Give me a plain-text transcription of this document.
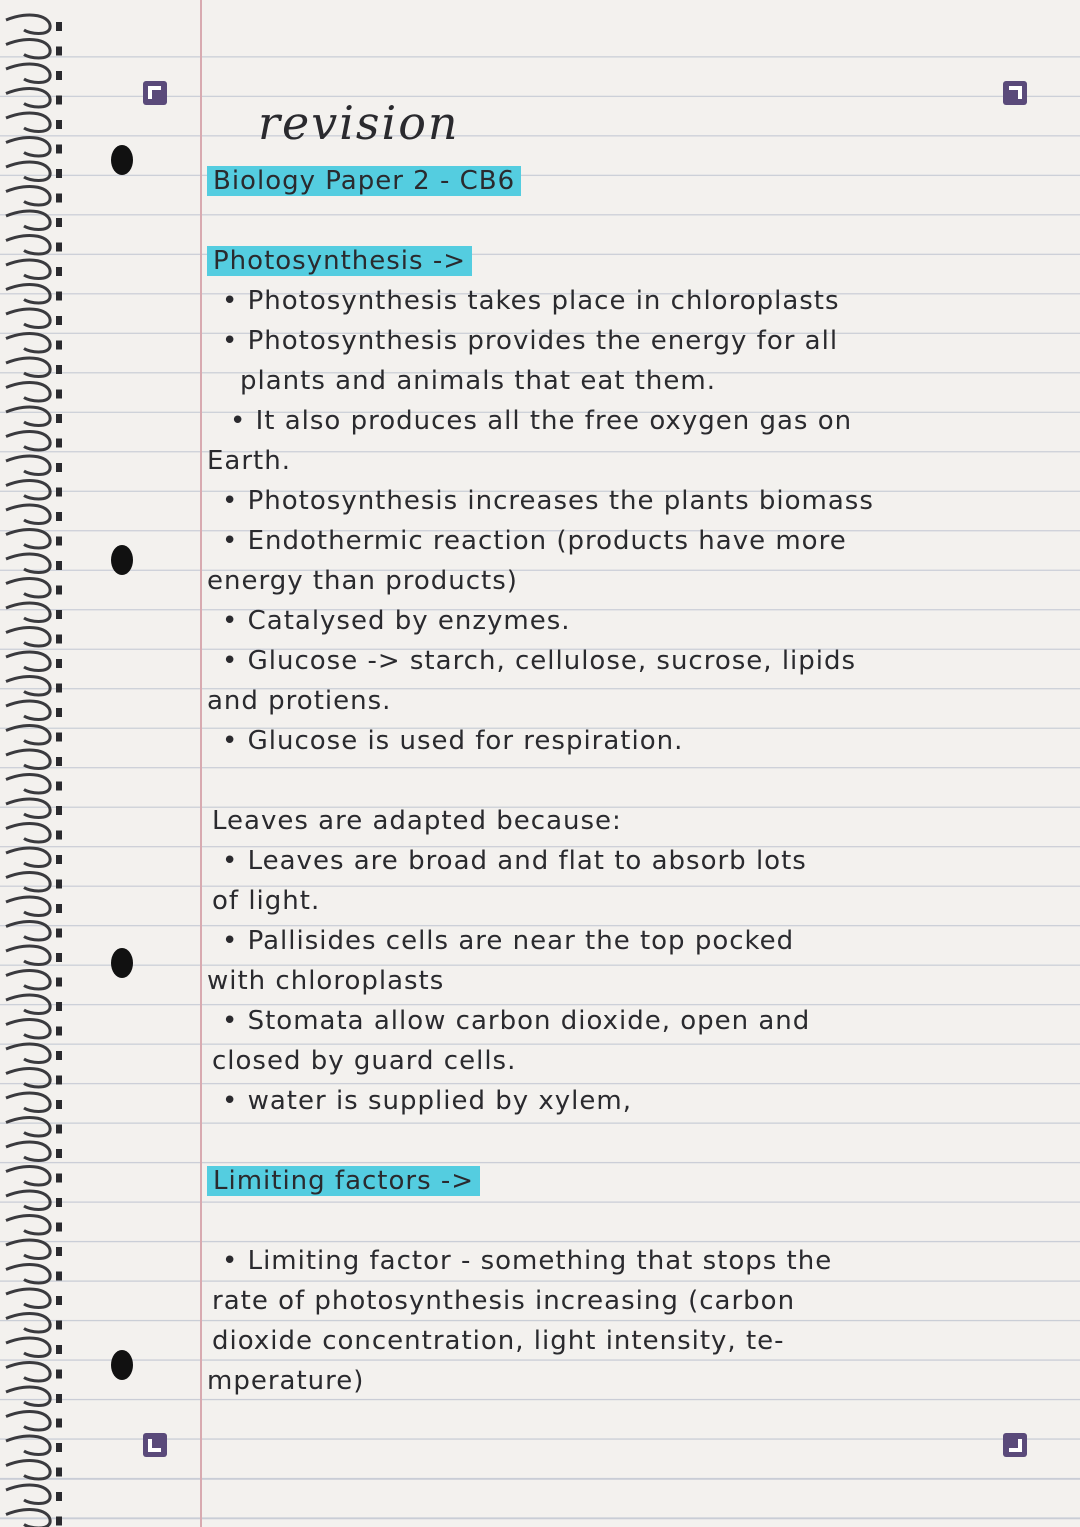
revision
Biology Paper 2 - CB6
Photosynthesis ->
• Photosynthesis takes place in chloroplasts
• Photosynthesis provides the energy for all
plants and animals that eat them.
• It also produces all the free oxygen gas on
Earth.
• Photosynthesis increases the plants biomass
• Endothermic reaction (products have more
energy than products)
• Catalysed by enzymes.
• Glucose -> starch, cellulose, sucrose, lipids
and protiens.
• Glucose is used for respiration.
Leaves are adapted because:
• Leaves are broad and flat to absorb lots
of light.
• Pallisides cells are near the top pocked
with chloroplasts
• Stomata allow carbon dioxide, open and
closed by guard cells.
• water is supplied by xylem,
Limiting factors ->
• Limiting factor - something that stops the
rate of photosynthesis increasing (carbon
dioxide concentration, light intensity, te-
mperature)
